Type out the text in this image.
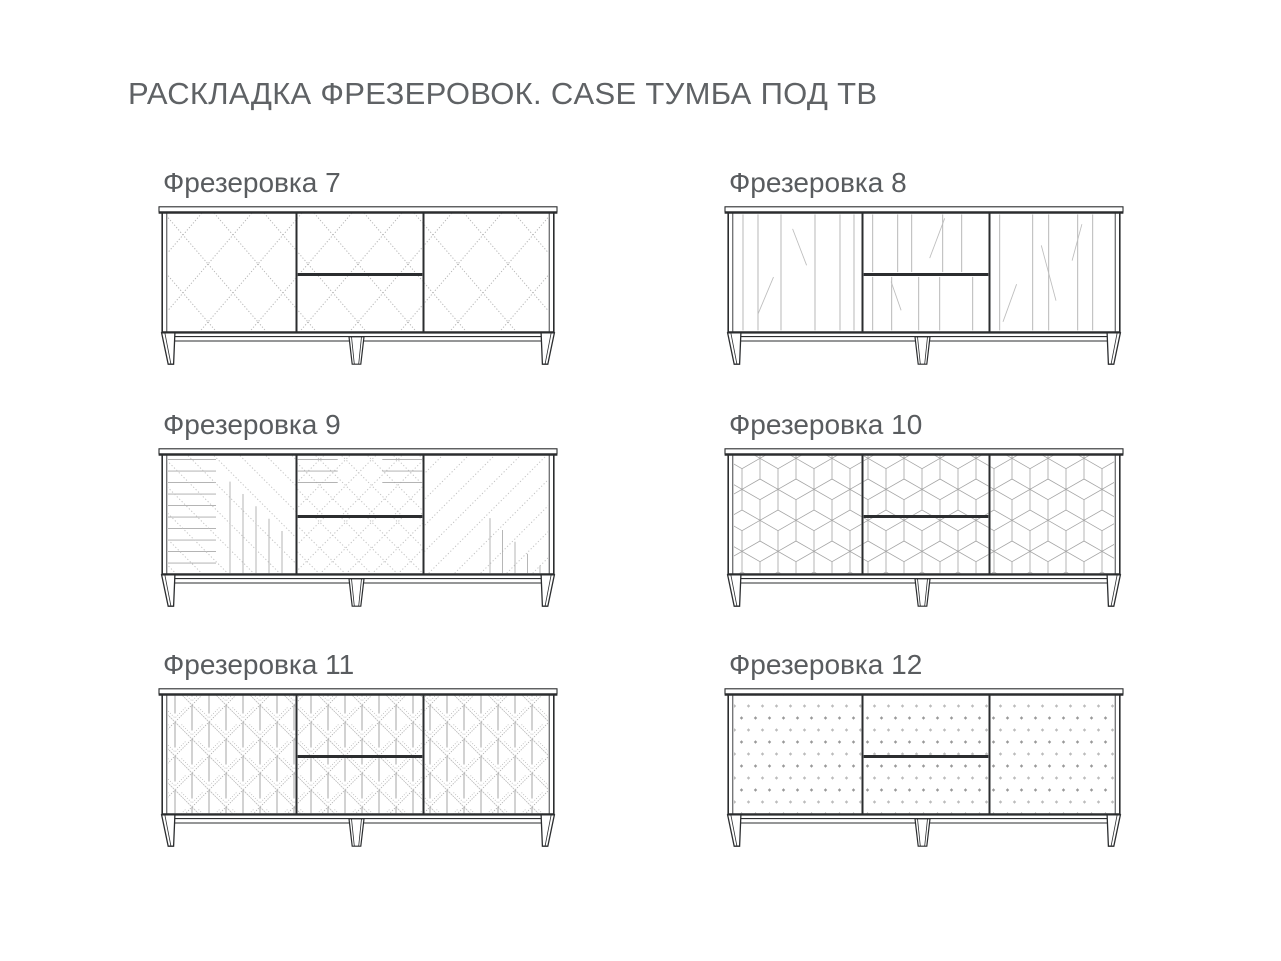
РАСКЛАДКА ФРЕЗЕРОВОК. CASE ТУМБА ПОД ТВ

Фрезеровка 7	Фрезеровка 8

Фрезеровка 9	Фрезеровка 10

Фрезеровка 11	Фрезеровка 12
